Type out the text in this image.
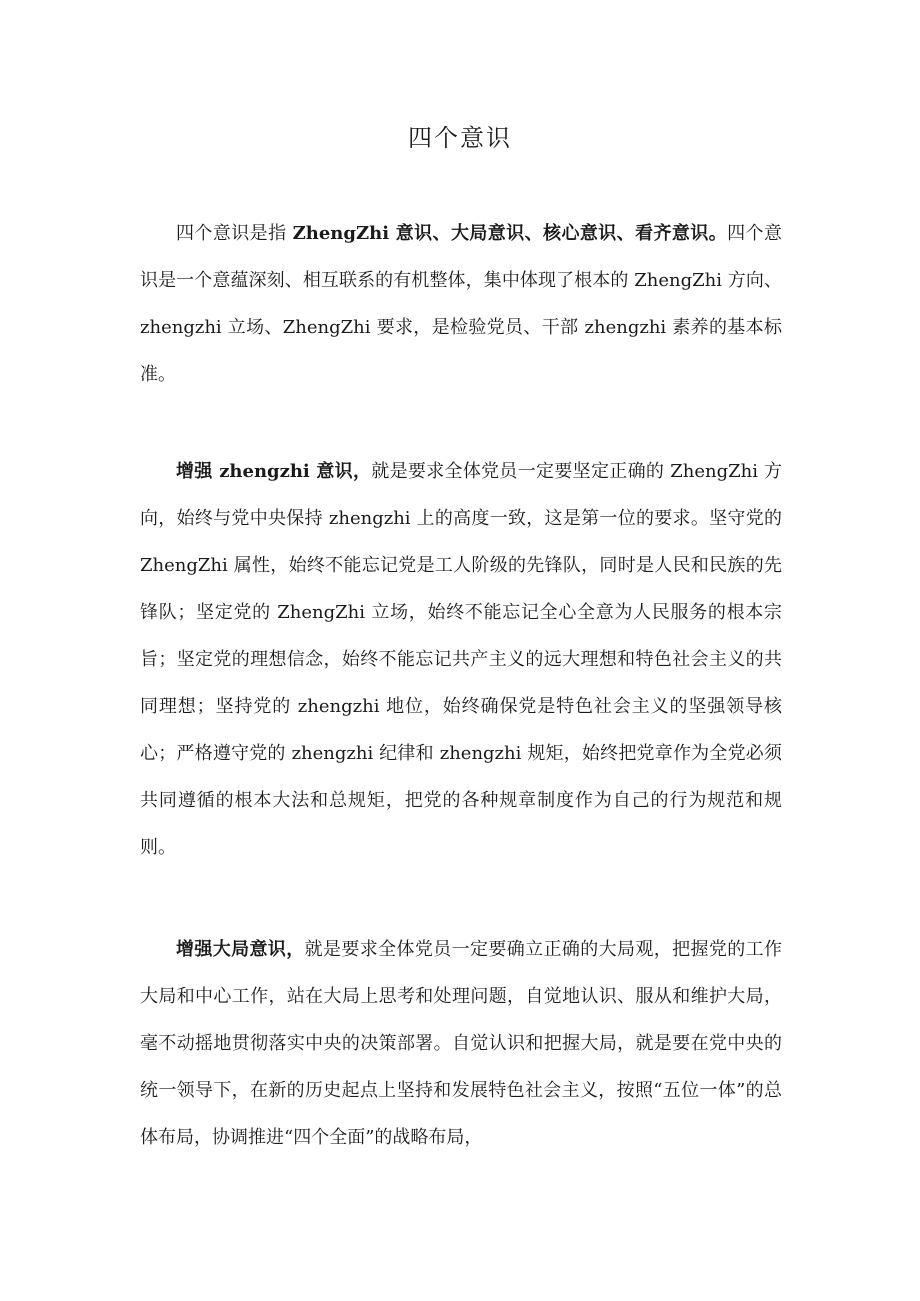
四个意识

四个意识是指 ZhengZhi 意识、大局意识、核心意识、看齐意识。四个意识是一个意蕴深刻、相互联系的有机整体，集中体现了根本的 ZhengZhi 方向、zhengzhi 立场、ZhengZhi 要求，是检验党员、干部 zhengzhi 素养的基本标准。

增强 zhengzhi 意识，就是要求全体党员一定要坚定正确的 ZhengZhi 方向，始终与党中央保持 zhengzhi 上的高度一致，这是第一位的要求。坚守党的 ZhengZhi 属性，始终不能忘记党是工人阶级的先锋队，同时是人民和民族的先锋队；坚定党的 ZhengZhi 立场，始终不能忘记全心全意为人民服务的根本宗旨；坚定党的理想信念，始终不能忘记共产主义的远大理想和特色社会主义的共同理想；坚持党的 zhengzhi 地位，始终确保党是特色社会主义的坚强领导核心；严格遵守党的 zhengzhi 纪律和 zhengzhi 规矩，始终把党章作为全党必须共同遵循的根本大法和总规矩，把党的各种规章制度作为自己的行为规范和规则。

增强大局意识，就是要求全体党员一定要确立正确的大局观，把握党的工作大局和中心工作，站在大局上思考和处理问题，自觉地认识、服从和维护大局，毫不动摇地贯彻落实中央的决策部署。自觉认识和把握大局，就是要在党中央的统一领导下，在新的历史起点上坚持和发展特色社会主义，按照“五位一体”的总体布局，协调推进“四个全面”的战略布局，
